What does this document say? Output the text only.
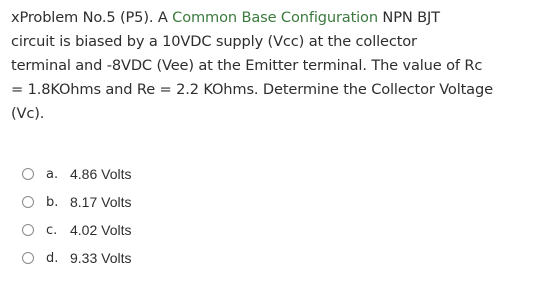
xProblem No.5 (P5). A Common Base Configuration NPN BJT
circuit is biased by a 10VDC supply (Vcc) at the collector
terminal and -8VDC (Vee) at the Emitter terminal. The value of Rc
= 1.8KOhms and Re = 2.2 KOhms. Determine the Collector Voltage
(Vc).
a. 4.86 Volts
b. 8.17 Volts
c. 4.02 Volts
d. 9.33 Volts
